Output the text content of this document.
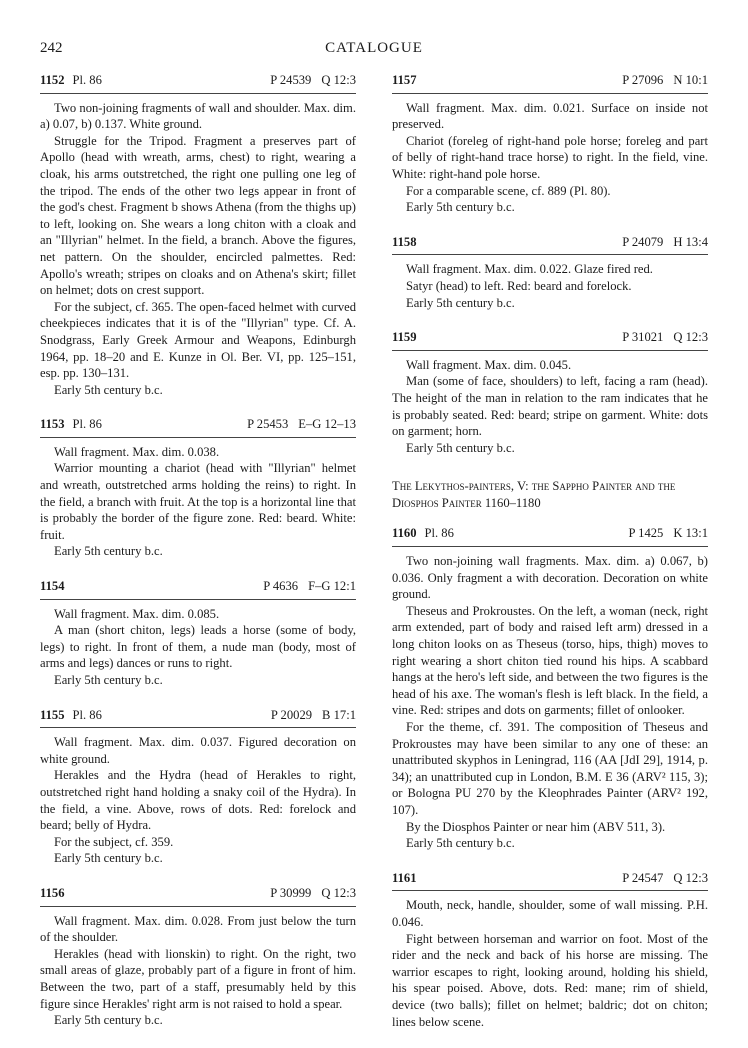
242	CATALOGUE
1152 Pl. 86	P 24539 Q 12:3

Two non-joining fragments of wall and shoulder. Max. dim. a) 0.07, b) 0.137. White ground.

Struggle for the Tripod. Fragment a preserves part of Apollo (head with wreath, arms, chest) to right, wearing a cloak, his arms outstretched, the right one pulling one leg of the tripod. The ends of the other two legs appear in front of the god's chest. Fragment b shows Athena (from the thighs up) to left, looking on. She wears a long chiton with a cloak and an "Illyrian" helmet. In the field, a branch. Above the figures, net pattern. On the shoulder, encircled palmettes. Red: Apollo's wreath; stripes on cloaks and on Athena's skirt; fillet on helmet; dots on crest support.

For the subject, cf. 365. The open-faced helmet with curved cheekpieces indicates that it is of the "Illyrian" type. Cf. A. Snodgrass, Early Greek Armour and Weapons, Edinburgh 1964, pp. 18–20 and E. Kunze in Ol. Ber. VI, pp. 125–151, esp. pp. 130–131.

Early 5th century b.c.

1153 Pl. 86	P 25453 E–G 12–13

Wall fragment. Max. dim. 0.038.

Warrior mounting a chariot (head with "Illyrian" helmet and wreath, outstretched arms holding the reins) to right. In the field, a branch with fruit. At the top is a horizontal line that is probably the border of the figure zone. Red: beard. White: fruit.

Early 5th century b.c.

1154	P 4636 F–G 12:1

Wall fragment. Max. dim. 0.085.

A man (short chiton, legs) leads a horse (some of body, legs) to right. In front of them, a nude man (body, most of arms and legs) dances or runs to right.

Early 5th century b.c.

1155 Pl. 86	P 20029 B 17:1

Wall fragment. Max. dim. 0.037. Figured decoration on white ground.

Herakles and the Hydra (head of Herakles to right, outstretched right hand holding a snaky coil of the Hydra). In the field, a vine. Above, rows of dots. Red: forelock and beard; belly of Hydra.

For the subject, cf. 359.

Early 5th century b.c.

1156	P 30999 Q 12:3

Wall fragment. Max. dim. 0.028. From just below the turn of the shoulder.

Herakles (head with lionskin) to right. On the right, two small areas of glaze, probably part of a figure in front of him. Between the two, part of a staff, presumably held by this figure since Herakles' right arm is not raised to hold a spear.

Early 5th century b.c.

1157	P 27096 N 10:1

Wall fragment. Max. dim. 0.021. Surface on inside not preserved.

Chariot (foreleg of right-hand pole horse; foreleg and part of belly of right-hand trace horse) to right. In the field, vine. White: right-hand pole horse.

For a comparable scene, cf. 889 (Pl. 80).

Early 5th century b.c.

1158	P 24079 H 13:4

Wall fragment. Max. dim. 0.022. Glaze fired red.

Satyr (head) to left. Red: beard and forelock.

Early 5th century b.c.

1159	P 31021 Q 12:3

Wall fragment. Max. dim. 0.045.

Man (some of face, shoulders) to left, facing a ram (head). The height of the man in relation to the ram indicates that he is probably seated. Red: beard; stripe on garment. White: dots on garment; horn.

Early 5th century b.c.

The Lekythos-painters, V: the Sappho Painter and the Diosphos Painter 1160–1180
1160 Pl. 86	P 1425 K 13:1

Two non-joining wall fragments. Max. dim. a) 0.067, b) 0.036. Only fragment a with decoration. Decoration on white ground.

Theseus and Prokroustes. On the left, a woman (neck, right arm extended, part of body and raised left arm) dressed in a long chiton looks on as Theseus (torso, hips, thigh) moves to right wearing a short chiton tied round his hips. A scabbard hangs at the hero's left side, and between the two figures is the head of his axe. The woman's flesh is left black. In the field, a vine. Red: stripes and dots on garments; fillet of onlooker.

For the theme, cf. 391. The composition of Theseus and Prokroustes may have been similar to any one of these: an unattributed skyphos in Leningrad, 116 (AA [JdI 29], 1914, p. 34); an unattributed cup in London, B.M. E 36 (ARV² 115, 3); or Bologna PU 270 by the Kleophrades Painter (ARV² 192, 107).

By the Diosphos Painter or near him (ABV 511, 3).

Early 5th century b.c.

1161	P 24547 Q 12:3

Mouth, neck, handle, shoulder, some of wall missing. P.H. 0.046.

Fight between horseman and warrior on foot. Most of the rider and the neck and back of his horse are missing. The warrior escapes to right, looking around, holding his shield, his spear poised. Above, dots. Red: mane; rim of shield, device (two balls); fillet on helmet; baldric; dot on chiton; lines below scene.
